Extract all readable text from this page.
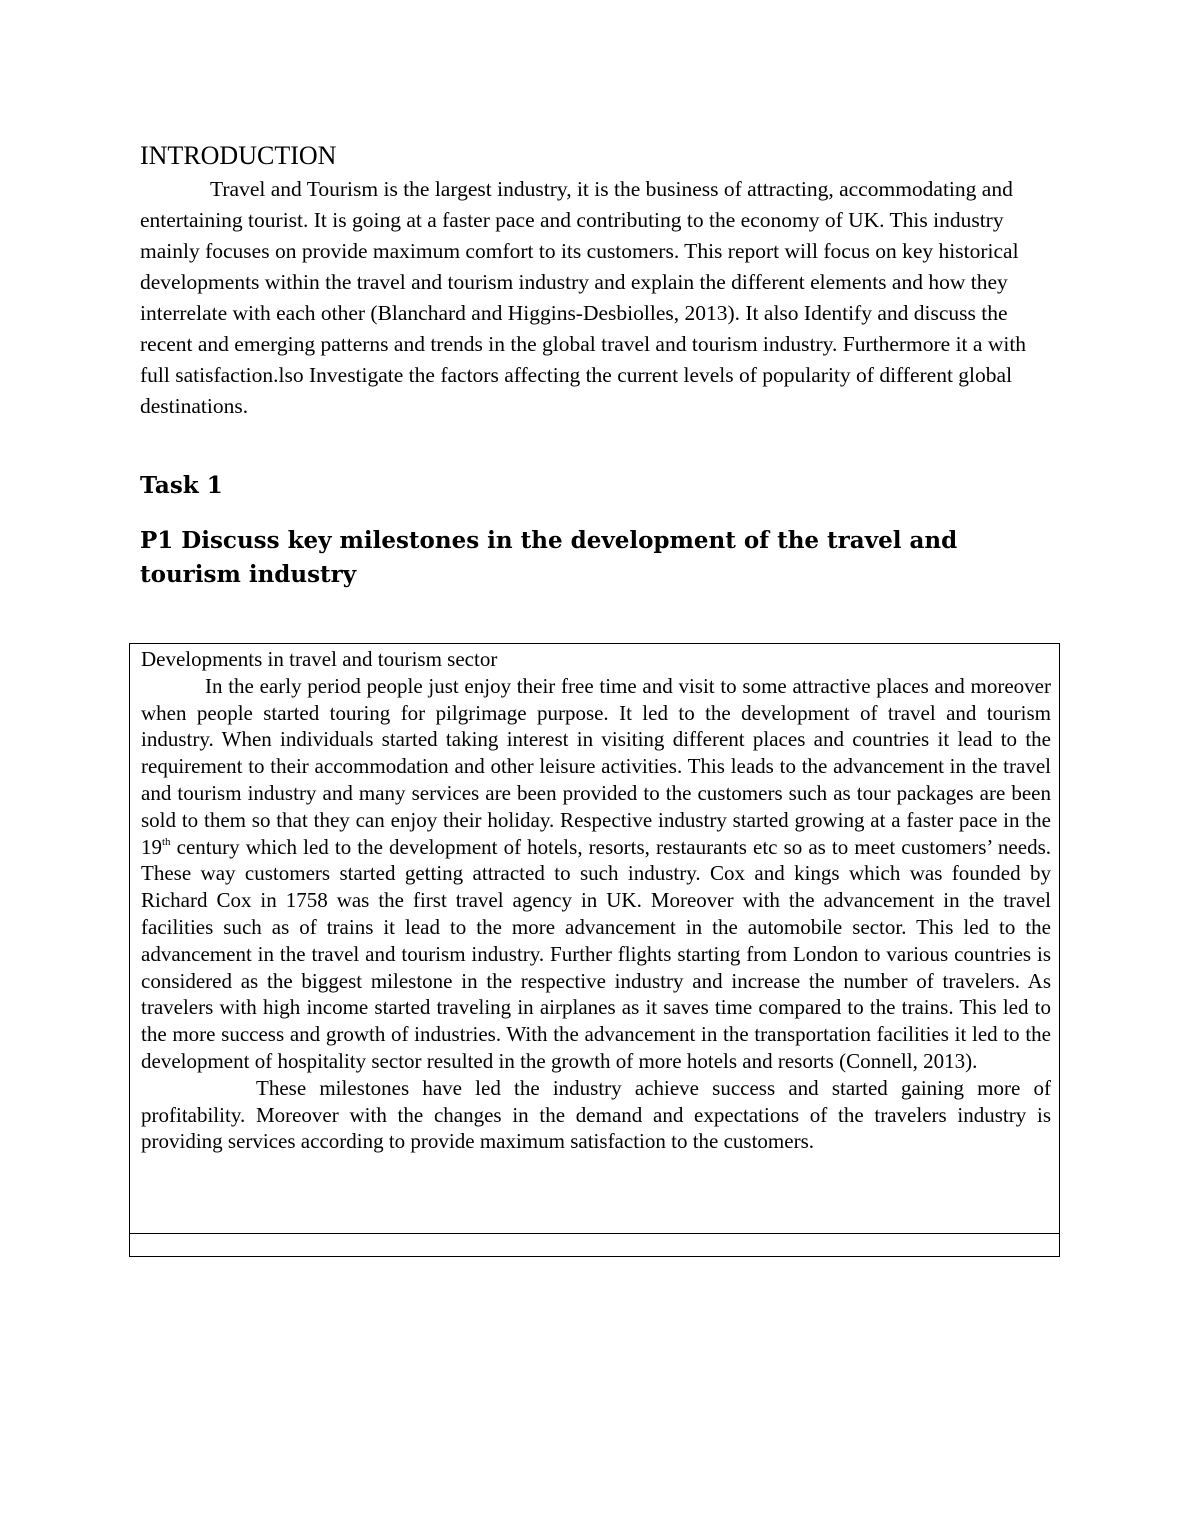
INTRODUCTION

Travel and Tourism is the largest industry, it is the business of attracting, accommodating and entertaining tourist. It is going at a faster pace and contributing to the economy of UK. This industry mainly focuses on provide maximum comfort to its customers. This report will focus on key historical developments within the travel and tourism industry and explain the different elements and how they interrelate with each other (Blanchard and Higgins-Desbiolles, 2013). It also Identify and discuss the recent and emerging patterns and trends in the global travel and tourism industry. Furthermore it a with full satisfaction.lso Investigate the factors affecting the current levels of popularity of different global destinations.

Task 1
P1 Discuss key milestones in the development of the travel and tourism industry

Developments in travel and tourism sector

In the early period people just enjoy their free time and visit to some attractive places and moreover when people started touring for pilgrimage purpose. It led to the development of travel and tourism industry. When individuals started taking interest in visiting different places and countries it lead to the requirement to their accommodation and other leisure activities. This leads to the advancement in the travel and tourism industry and many services are been provided to the customers such as tour packages are been sold to them so that they can enjoy their holiday. Respective industry started growing at a faster pace in the 19th century which led to the development of hotels, resorts, restaurants etc so as to meet customers’ needs. These way customers started getting attracted to such industry. Cox and kings which was founded by Richard Cox in 1758 was the first travel agency in UK. Moreover with the advancement in the travel facilities such as of trains it lead to the more advancement in the automobile sector. This led to the advancement in the travel and tourism industry. Further flights starting from London to various countries is considered as the biggest milestone in the respective industry and increase the number of travelers. As travelers with high income started traveling in airplanes as it saves time compared to the trains. This led to the more success and growth of industries. With the advancement in the transportation facilities it led to the development of hospitality sector resulted in the growth of more hotels and resorts (Connell, 2013).

These milestones have led the industry achieve success and started gaining more of profitability. Moreover with the changes in the demand and expectations of the travelers industry is providing services according to provide maximum satisfaction to the customers.
